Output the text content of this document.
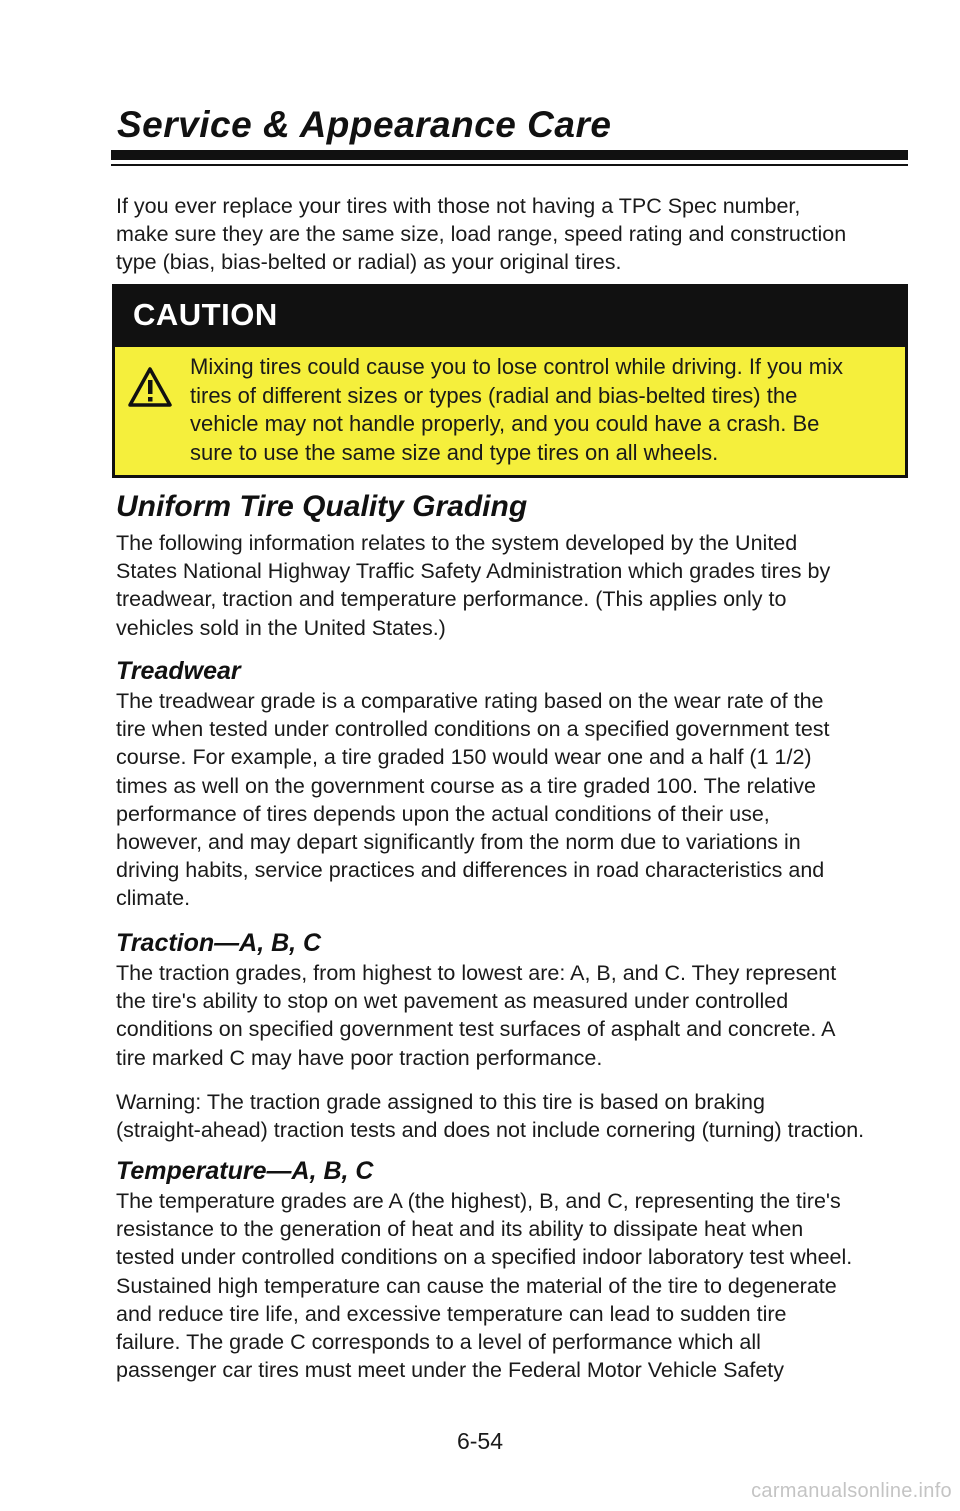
Service & Appearance Care

If you ever replace your tires with those not having a TPC Spec number,
make sure they are the same size, load range, speed rating and construction
type (bias, bias-belted or radial) as your original tires.

CAUTION

Mixing tires could cause you to lose control while driving. If you mix
tires of different sizes or types (radial and bias-belted tires) the
vehicle may not handle properly, and you could have a crash. Be
sure to use the same size and type tires on all wheels.

Uniform Tire Quality Grading

The following information relates to the system developed by the United
States National Highway Traffic Safety Administration which grades tires by
treadwear, traction and temperature performance. (This applies only to
vehicles sold in the United States.)

Treadwear

The treadwear grade is a comparative rating based on the wear rate of the
tire when tested under controlled conditions on a specified government test
course. For example, a tire graded 150 would wear one and a half (1 1/2)
times as well on the government course as a tire graded 100. The relative
performance of tires depends upon the actual conditions of their use,
however, and may depart significantly from the norm due to variations in
driving habits, service practices and differences in road characteristics and
climate.

Traction—A, B, C

The traction grades, from highest to lowest are: A, B, and C. They represent
the tire's ability to stop on wet pavement as measured under controlled
conditions on specified government test surfaces of asphalt and concrete. A
tire marked C may have poor traction performance.

Warning: The traction grade assigned to this tire is based on braking
(straight-ahead) traction tests and does not include cornering (turning) traction.

Temperature—A, B, C

The temperature grades are A (the highest), B, and C, representing the tire's
resistance to the generation of heat and its ability to dissipate heat when
tested under controlled conditions on a specified indoor laboratory test wheel.
Sustained high temperature can cause the material of the tire to degenerate
and reduce tire life, and excessive temperature can lead to sudden tire
failure. The grade C corresponds to a level of performance which all
passenger car tires must meet under the Federal Motor Vehicle Safety

6-54
carmanualsonline.info
